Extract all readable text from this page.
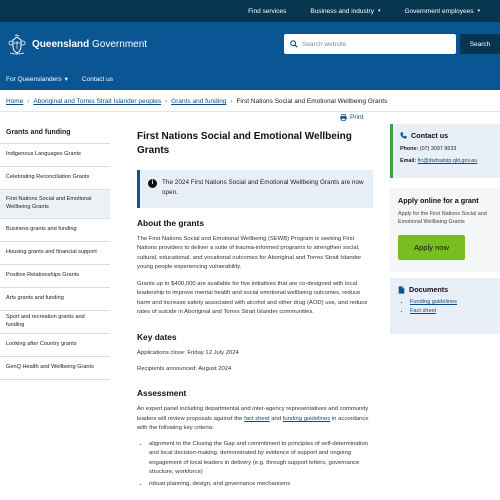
Find services	Business and industry ▾	Government employees ▾
Queensland Government	Search website	Search
For Queenslanders ▾ Contact us
Home › Aboriginal and Torres Strait Islander peoples › Grants and funding › First Nations Social and Emotional Wellbeing Grants
Grants and funding
Indigenous Languages Grants
Celebrating Reconciliation Grants
First Nations Social and Emotional Wellbeing Grants
Business grants and funding
Housing grants and financial support
Positive Relationships Grants
Arts grants and funding
Sport and recreation grants and funding
Looking after Country grants
GenQ Health and Wellbeing Grants
Print
First Nations Social and Emotional Wellbeing Grants
i	The 2024 First Nations Social and Emotional Wellbeing Grants are now open.
About the grants

The First Nations Social and Emotional Wellbeing (SEWB) Program is seeking First Nations providers to deliver a suite of trauma-informed programs to strengthen social, cultural, educational, and vocational outcomes for Aboriginal and Torres Strait Islander young people experiencing vulnerability.

Grants up to $400,000 are available for five initiatives that are co-designed with local leadership to improve mental health and social emotional wellbeing outcomes, reduce harm and increase safety associated with alcohol and other drug (AOD) use, and reduce rates of suicide in Aboriginal and Torres Strait Islander communities.

Key dates

Applications close: Friday 12 July 2024

Recipients announced: August 2024

Assessment

An expert panel including departmental and inter-agency representatives and community leaders will review proposals against the fact sheet and funding guidelines in accordance with the following key criteria:

• alignment to the Closing the Gap and commitment to principles of self-determination and local decision-making, demonstrated by evidence of support and ongoing engagement of local leaders in delivery (e.g. through support letters, governance structure, workforce)
• robust planning, design, and governance mechanisms
Contact us
Phone: (07) 3097 8633
Email: fic@dsdsatsip.qld.gov.au
Apply online for a grant

Apply for the First Nations Social and Emotional Wellbeing Grants

Apply now
Documents
• Funding guidelines
• Fact sheet
